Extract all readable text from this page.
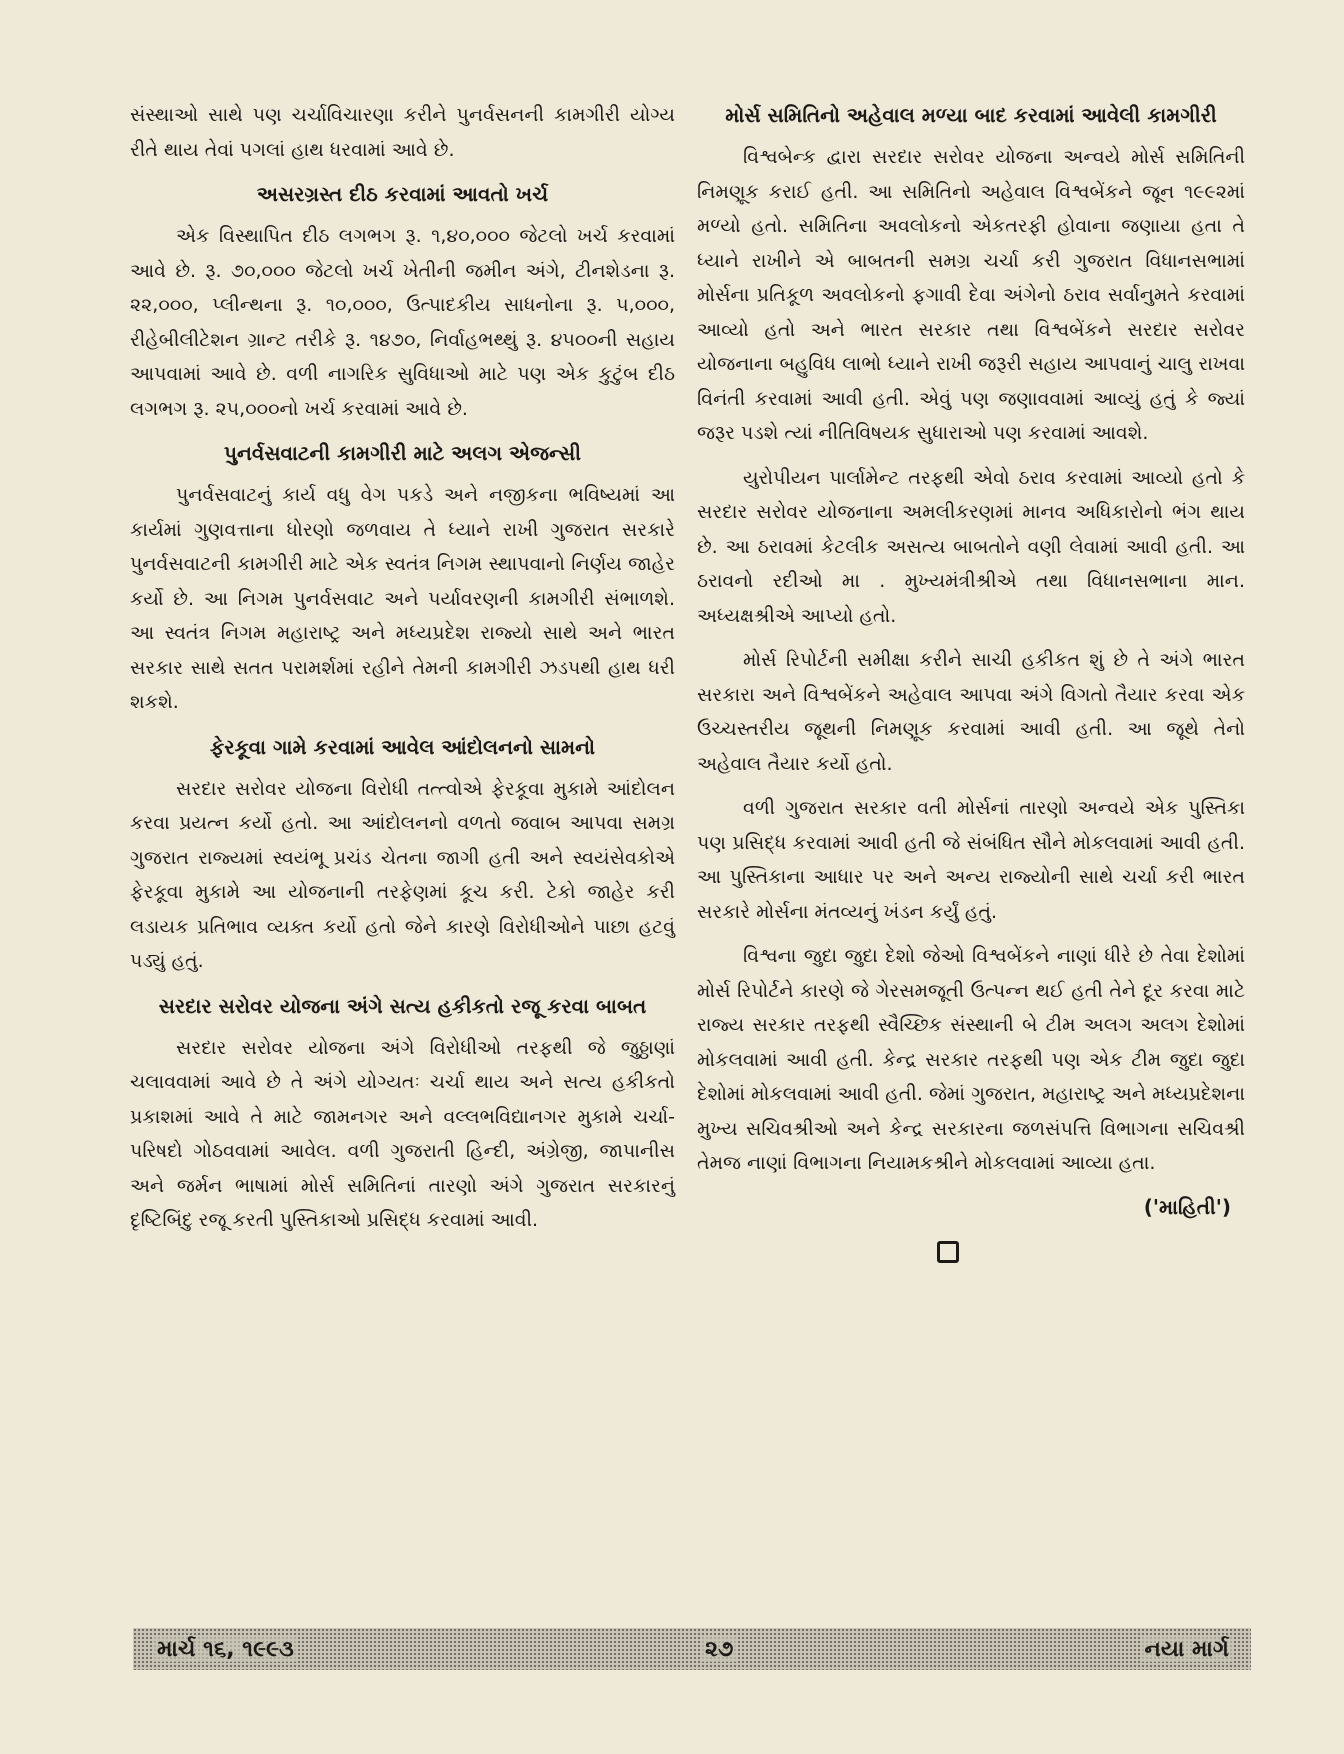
સંસ્થાઓ સાથે પણ ચર્ચાવિચારણા કરીને પુનર્વસનની કામગીરી યોગ્ય રીતે થાય તેવાં પગલાં હાથ ધરવામાં આવે છે.

અસરગ્રસ્ત દીઠ કરવામાં આવતો ખર્ચ

એક વિસ્થાપિત દીઠ લગભગ રૂ. ૧,૪૦,૦૦૦ જેટલો ખર્ચ કરવામાં આવે છે. રૂ. ૭૦,૦૦૦ જેટલો ખર્ચ ખેતીની જમીન અંગે, ટીનશેડના રૂ. ૨૨,૦૦૦, પ્લીન્થના રૂ. ૧૦,૦૦૦, ઉત્પાદકીય સાધનોના રૂ. ૫,૦૦૦, રીહેબીલીટેશન ગ્રાન્ટ તરીકે રૂ. ૧૪૭૦, નિર્વાહભથ્થું રૂ. ૪૫૦૦ની સહાય આપવામાં આવે છે. વળી નાગરિક સુવિધાઓ માટે પણ એક કુટુંબ દીઠ લગભગ રૂ. ૨૫,૦૦૦નો ખર્ચ કરવામાં આવે છે.

પુનર્વસવાટની કામગીરી માટે અલગ એજન્સી

પુનર્વસવાટનું કાર્ય વધુ વેગ પકડે અને નજીકના ભવિષ્યમાં આ કાર્યમાં ગુણવત્તાના ધોરણો જળવાય તે ધ્યાને રાખી ગુજરાત સરકારે પુનર્વસવાટની કામગીરી માટે એક સ્વતંત્ર નિગમ સ્થાપવાનો નિર્ણય જાહેર કર્યો છે. આ નિગમ પુનર્વસવાટ અને પર્યાવરણની કામગીરી સંભાળશે. આ સ્વતંત્ર નિગમ મહારાષ્ટ્ર અને મધ્યપ્રદેશ રાજ્યો સાથે અને ભારત સરકાર સાથે સતત પરામર્શમાં રહીને તેમની કામગીરી ઝડપથી હાથ ધરી શકશે.

ફેરકૂવા ગામે કરવામાં આવેલ આંદોલનનો સામનો

સરદાર સરોવર યોજના વિરોધી તત્ત્વોએ ફેરકૂવા મુકામે આંદોલન કરવા પ્રયત્ન કર્યો હતો. આ આંદોલનનો વળતો જવાબ આપવા સમગ્ર ગુજરાત રાજ્યમાં સ્વયંભૂ પ્રચંડ ચેતના જાગી હતી અને સ્વયંસેવકોએ ફેરકૂવા મુકામે આ યોજનાની તરફેણમાં કૂચ કરી. ટેકો જાહેર કરી લડાયક પ્રતિભાવ વ્યક્ત કર્યો હતો જેને કારણે વિરોધીઓને પાછા હટવું પડ્યું હતું.

સરદાર સરોવર યોજના અંગે સત્ય હકીકતો રજૂ કરવા બાબત

સરદાર સરોવર યોજના અંગે વિરોધીઓ તરફથી જે જુઠ્ઠાણાં ચલાવવામાં આવે છે તે અંગે યોગ્યતઃ ચર્ચા થાય અને સત્ય હકીકતો પ્રકાશમાં આવે તે માટે જામનગર અને વલ્લભવિદ્યાનગર મુકામે ચર્ચા-પરિષદો ગોઠવવામાં આવેલ. વળી ગુજરાતી હિન્દી, અંગ્રેજી, જાપાનીસ અને જર્મન ભાષામાં મોર્સ સમિતિનાં તારણો અંગે ગુજરાત સરકારનું દૃષ્ટિબિંદુ રજૂ કરતી પુસ્તિકાઓ પ્રસિદ્ધ કરવામાં આવી.

મોર્સ સમિતિનો અહેવાલ મળ્યા બાદ કરવામાં આવેલી કામગીરી

વિશ્વબેન્ક દ્વારા સરદાર સરોવર યોજના અન્વયે મોર્સ સમિતિની નિમણૂક કરાઈ હતી. આ સમિતિનો અહેવાલ વિશ્વબેંકને જૂન ૧૯૯૨માં મળ્યો હતો. સમિતિના અવલોકનો એકતરફી હોવાના જણાયા હતા તે ધ્યાને રાખીને એ બાબતની સમગ્ર ચર્ચા કરી ગુજરાત વિધાનસભામાં મોર્સના પ્રતિકૂળ અવલોકનો ફગાવી દેવા અંગેનો ઠરાવ સર્વાનુમતે કરવામાં આવ્યો હતો અને ભારત સરકાર તથા વિશ્વબેંકને સરદાર સરોવર યોજનાના બહુવિધ લાભો ધ્યાને રાખી જરૂરી સહાય આપવાનું ચાલુ રાખવા વિનંતી કરવામાં આવી હતી. એવું પણ જણાવવામાં આવ્યું હતું કે જ્યાં જરૂર પડશે ત્યાં નીતિવિષયક સુધારાઓ પણ કરવામાં આવશે.

યુરોપીયન પાર્લામેન્ટ તરફથી એવો ઠરાવ કરવામાં આવ્યો હતો કે સરદાર સરોવર યોજનાના અમલીકરણમાં માનવ અધિકારોનો ભંગ થાય છે. આ ઠરાવમાં કેટલીક અસત્ય બાબતોને વણી લેવામાં આવી હતી. આ ઠરાવનો રદીઓ મા . મુખ્યમંત્રીશ્રીએ તથા વિધાનસભાના માન. અધ્યક્ષશ્રીએ આપ્યો હતો.

મોર્સ રિપોર્ટની સમીક્ષા કરીને સાચી હકીકત શું છે તે અંગે ભારત સરકારા અને વિશ્વબેંકને અહેવાલ આપવા અંગે વિગતો તૈયાર કરવા એક ઉચ્ચસ્તરીય જૂથની નિમણૂક કરવામાં આવી હતી. આ જૂથે તેનો અહેવાલ તૈયાર કર્યો હતો.

વળી ગુજરાત સરકાર વતી મોર્સનાં તારણો અન્વયે એક પુસ્તિકા પણ પ્રસિદ્ધ કરવામાં આવી હતી જે સંબંધિત સૌને મોકલવામાં આવી હતી. આ પુસ્તિકાના આધાર પર અને અન્ય રાજ્યોની સાથે ચર્ચા કરી ભારત સરકારે મોર્સના મંતવ્યનું ખંડન કર્યું હતું.

વિશ્વના જુદા જુદા દેશો જેઓ વિશ્વબેંકને નાણાં ધીરે છે તેવા દેશોમાં મોર્સ રિપોર્ટને કારણે જે ગેરસમજૂતી ઉત્પન્ન થઈ હતી તેને દૂર કરવા માટે રાજ્ય સરકાર તરફથી સ્વૈચ્છિક સંસ્થાની બે ટીમ અલગ અલગ દેશોમાં મોકલવામાં આવી હતી. કેન્દ્ર સરકાર તરફથી પણ એક ટીમ જુદા જુદા દેશોમાં મોકલવામાં આવી હતી. જેમાં ગુજરાત, મહારાષ્ટ્ર અને મધ્યપ્રદેશના મુખ્ય સચિવશ્રીઓ અને કેન્દ્ર સરકારના જળસંપત્તિ વિભાગના સચિવશ્રી તેમજ નાણાં વિભાગના નિયામકશ્રીને મોકલવામાં આવ્યા હતા.

('માહિતી')
માર્ચ ૧૬, ૧૯૯૩	૨૭	નયા માર્ગ
